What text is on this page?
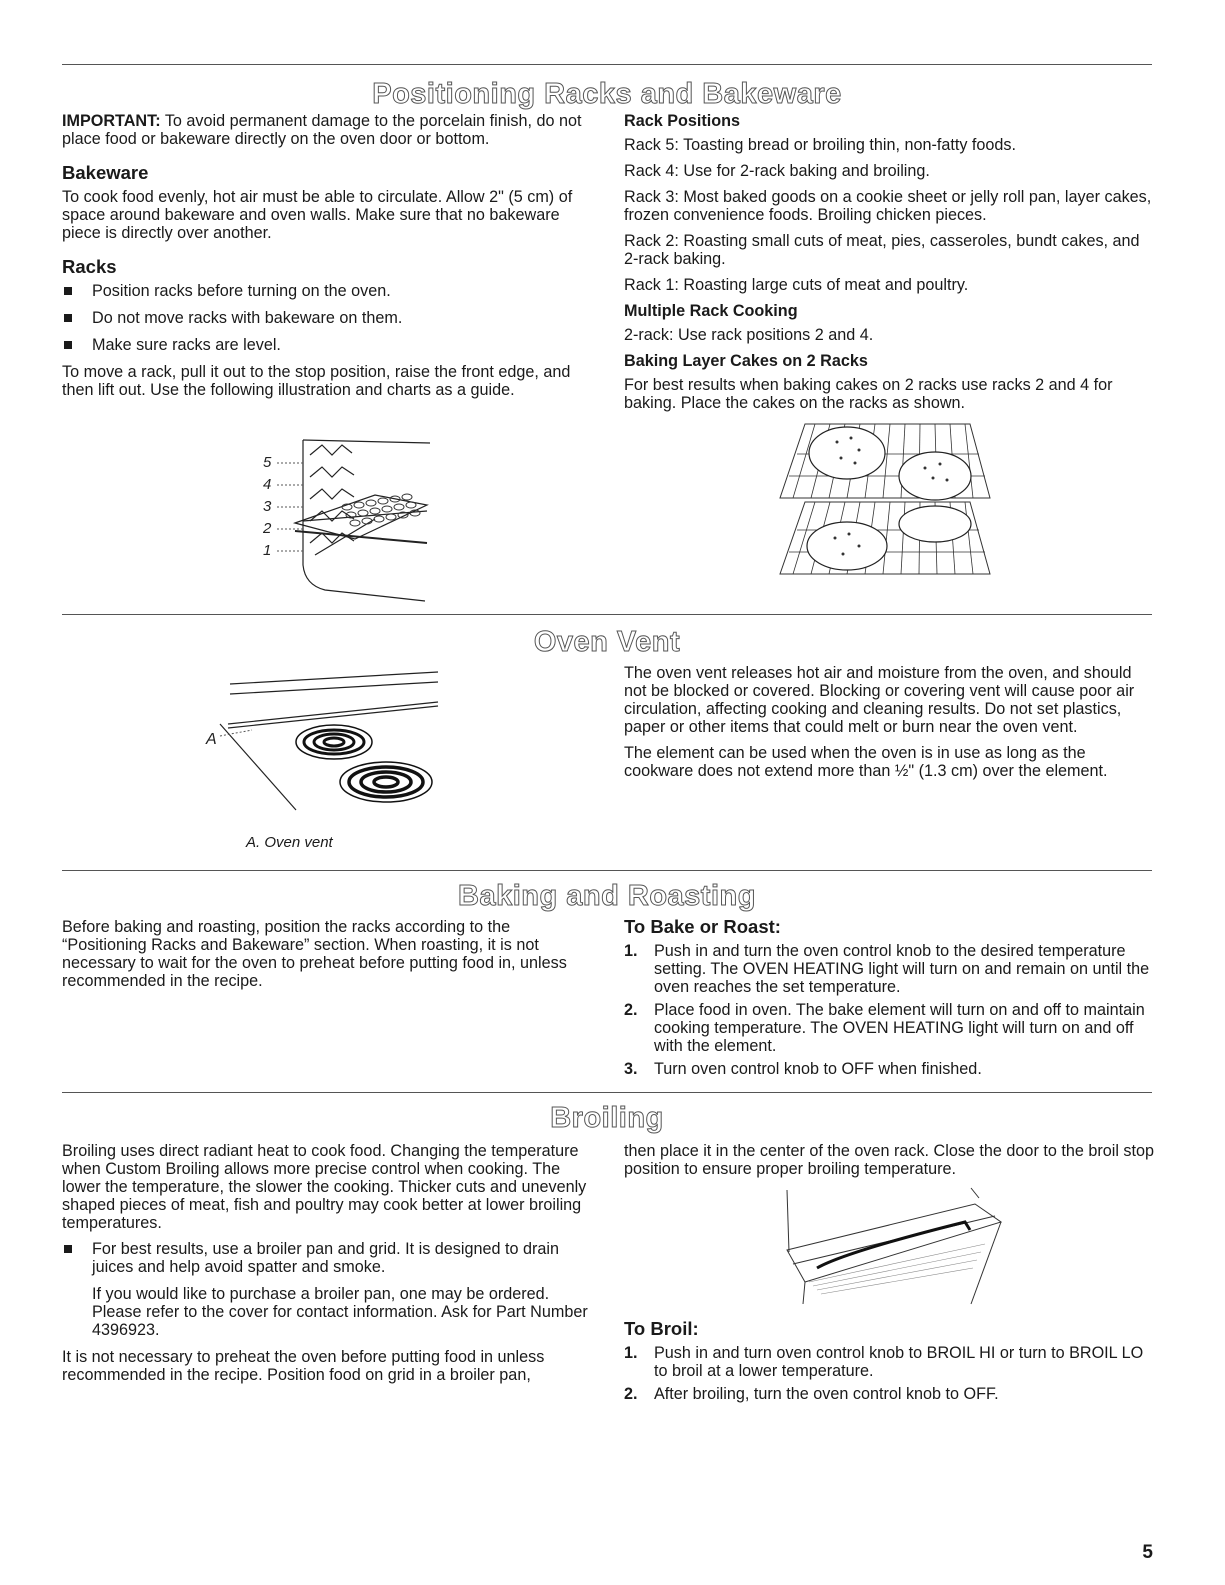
Positioning Racks and Bakeware

IMPORTANT: To avoid permanent damage to the porcelain finish, do not place food or bakeware directly on the oven door or bottom.

Bakeware

To cook food evenly, hot air must be able to circulate. Allow 2" (5 cm) of space around bakeware and oven walls. Make sure that no bakeware piece is directly over another.

Racks
Position racks before turning on the oven.
Do not move racks with bakeware on them.
Make sure racks are level.

To move a rack, pull it out to the stop position, raise the front edge, and then lift out. Use the following illustration and charts as a guide.

5
4
3
2
1
Rack Positions

Rack 5: Toasting bread or broiling thin, non-fatty foods.

Rack 4: Use for 2-rack baking and broiling.

Rack 3: Most baked goods on a cookie sheet or jelly roll pan, layer cakes, frozen convenience foods. Broiling chicken pieces.

Rack 2: Roasting small cuts of meat, pies, casseroles, bundt cakes, and 2-rack baking.

Rack 1: Roasting large cuts of meat and poultry.

Multiple Rack Cooking

2-rack: Use rack positions 2 and 4.

Baking Layer Cakes on 2 Racks

For best results when baking cakes on 2 racks use racks 2 and 4 for baking. Place the cakes on the racks as shown.

Oven Vent
A
A. Oven vent

The oven vent releases hot air and moisture from the oven, and should not be blocked or covered. Blocking or covering vent will cause poor air circulation, affecting cooking and cleaning results. Do not set plastics, paper or other items that could melt or burn near the oven vent.

The element can be used when the oven is in use as long as the cookware does not extend more than ½" (1.3 cm) over the element.

Baking and Roasting

Before baking and roasting, position the racks according to the “Positioning Racks and Bakeware” section. When roasting, it is not necessary to wait for the oven to preheat before putting food in, unless recommended in the recipe.

To Bake or Roast:
1. Push in and turn the oven control knob to the desired temperature setting. The OVEN HEATING light will turn on and remain on until the oven reaches the set temperature.
2. Place food in oven. The bake element will turn on and off to maintain cooking temperature. The OVEN HEATING light will turn on and off with the element.
3. Turn oven control knob to OFF when finished.
Broiling

Broiling uses direct radiant heat to cook food. Changing the temperature when Custom Broiling allows more precise control when cooking. The lower the temperature, the slower the cooking. Thicker cuts and unevenly shaped pieces of meat, fish and poultry may cook better at lower broiling temperatures.

For best results, use a broiler pan and grid. It is designed to drain juices and help avoid spatter and smoke.
If you would like to purchase a broiler pan, one may be ordered. Please refer to the cover for contact information. Ask for Part Number 4396923.

It is not necessary to preheat the oven before putting food in unless recommended in the recipe. Position food on grid in a broiler pan,

then place it in the center of the oven rack. Close the door to the broil stop position to ensure proper broiling temperature.

To Broil:
1. Push in and turn oven control knob to BROIL HI or turn to BROIL LO to broil at a lower temperature.
2. After broiling, turn the oven control knob to OFF.
5
